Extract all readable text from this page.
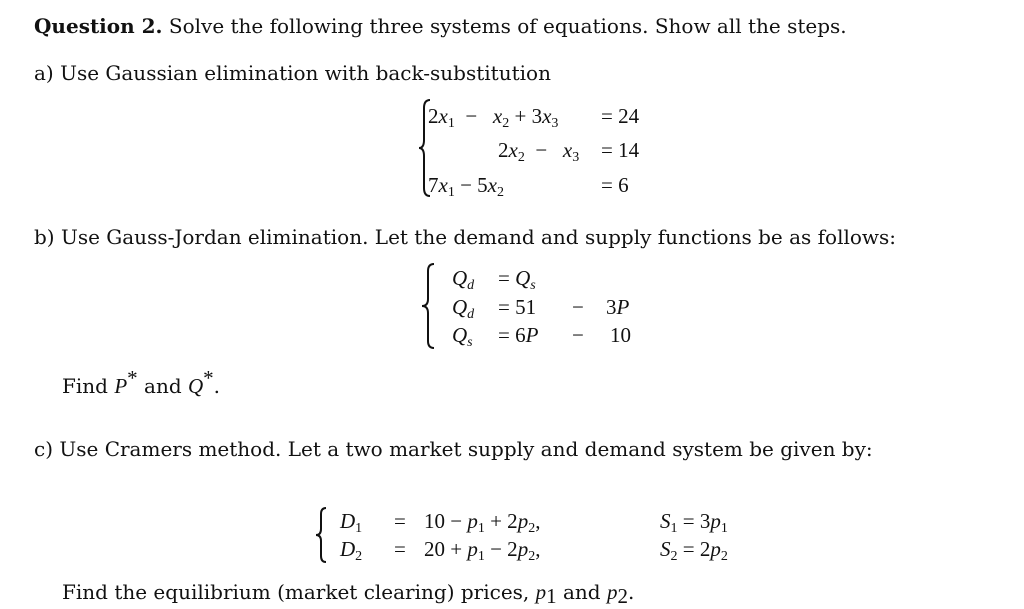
Question 2. Solve the following three systems of equations. Show all the steps.
a) Use Gaussian elimination with back-substitution
$2x_1 - x_2 + 3x_3 = 24$
$2x_2 - x_3 = 14$
$7x_1 - 5x_2$	= 6
b) Use Gauss-Jordan elimination. Let the demand and supply functions be as follows:
Qd = Qs
Qd = 51 − 3P
Qs = 6P − 10
Find P* and Q*.
c) Use Cramers method. Let a two market supply and demand system be given by:
$D_1 = 10 - p_1 + 2p_2$,
$D_2 = 20 + p_1 - 2p_2$,
$S_1 = 3p_1$
$S_2 = 2p_2$
Find the equilibrium (market clearing) prices, $p_1$ and $p_2$.
